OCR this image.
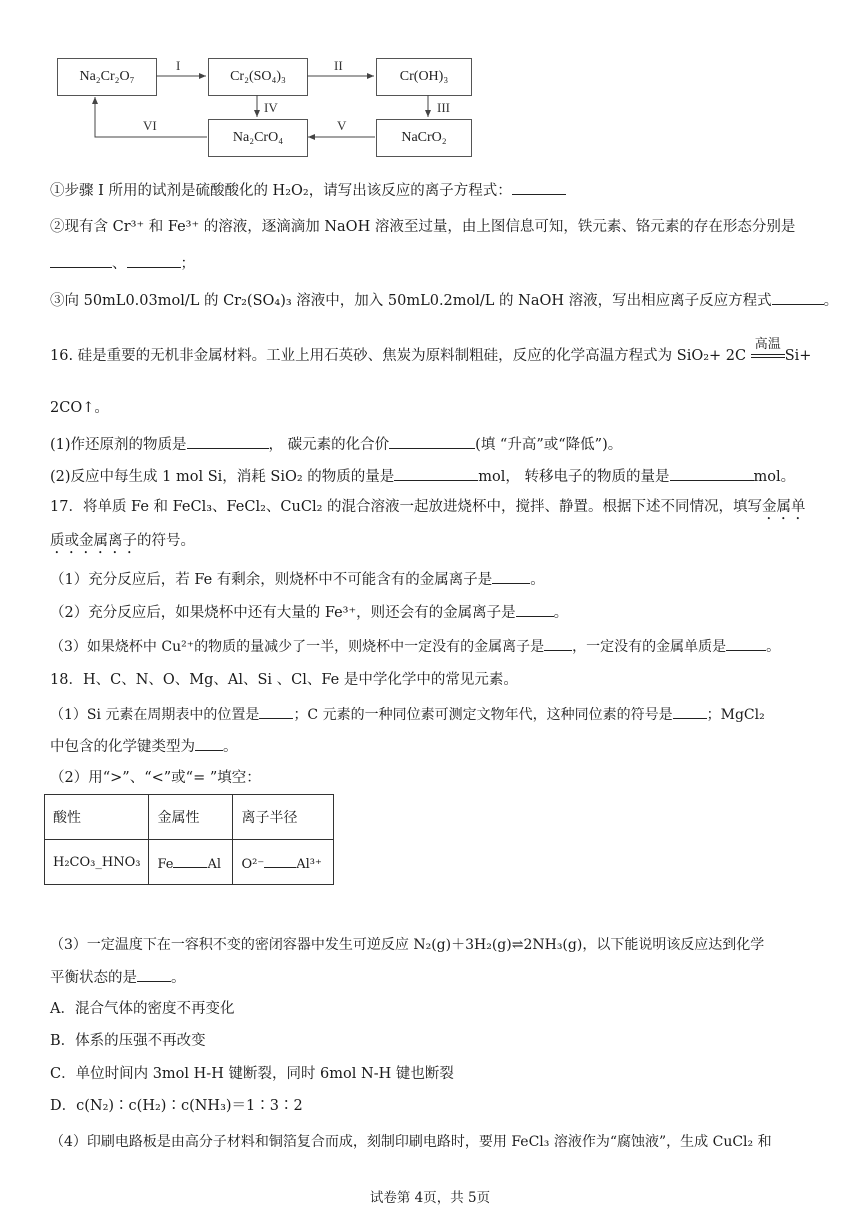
Na₂Cr₂O₇	Cr₂(SO₄)₃	Cr(OH)₃
Na₂CrO₄	NaCrO₂
I	II
III
IV
V
VI
①步骤 I 所用的试剂是硫酸酸化的 H₂O₂，请写出该反应的离子方程式：
②现有含 Cr³⁺ 和 Fe³⁺ 的溶液，逐滴滴加 NaOH 溶液至过量，由上图信息可知，铁元素、铬元素的存在形态分别是
、	；
③向 50mL0.03mol/L 的 Cr₂(SO₄)₃ 溶液中，加入 50mL0.2mol/L 的 NaOH 溶液，写出相应离子反应方程式	。
16. 硅是重要的无机非金属材料。工业上用石英砂、焦炭为原料制粗硅，反应的化学高温方程式为 SiO₂+ 2C 高温
Si+
2CO↑。
(1)作还原剂的物质是	， 碳元素的化合价	(填 “升高”或“降低”)。
(2)反应中每生成 1 mol Si，消耗 SiO₂ 的物质的量是	mol， 转移电子的物质的量是	mol。
17．将单质 Fe 和 FeCl₃、FeCl₂、CuCl₂ 的混合溶液一起放进烧杯中，搅拌、静置。根据下述不同情况，填写金属单
质或金属离子的符号。
（1）充分反应后，若 Fe 有剩余，则烧杯中不可能含有的金属离子是	。
（2）充分反应后，如果烧杯中还有大量的 Fe³⁺，则还会有的金属离子是	。
（3）如果烧杯中 Cu²⁺的物质的量减少了一半，则烧杯中一定没有的金属离子是 ，一定没有的金属单质是	。
18．H、C、N、O、Mg、Al、Si 、Cl、Fe 是中学化学中的常见元素。
（1）Si 元素在周期表中的位置是 ；C 元素的一种同位素可测定文物年代，这种同位素的符号是 ；MgCl₂
中包含的化学键类型为 。
（2）用“>”、“<”或“= ”填空：
酸性	金属性	离子半径
H₂CO₃_HNO₃	Fe Al	O²⁻ Al³⁺
（3）一定温度下在一容积不变的密闭容器中发生可逆反应 N₂(g)＋3H₂(g)⇌2NH₃(g)，以下能说明该反应达到化学
平衡状态的是 。
A．混合气体的密度不再变化
B．体系的压强不再改变
C．单位时间内 3mol H-H 键断裂，同时 6mol N-H 键也断裂
D．c(N₂)∶c(H₂)∶c(NH₃)＝1∶3∶2
（4）印刷电路板是由高分子材料和铜箔复合而成，刻制印刷电路时，要用 FeCl₃ 溶液作为“腐蚀液”，生成 CuCl₂ 和
试卷第 4页，共 5页
